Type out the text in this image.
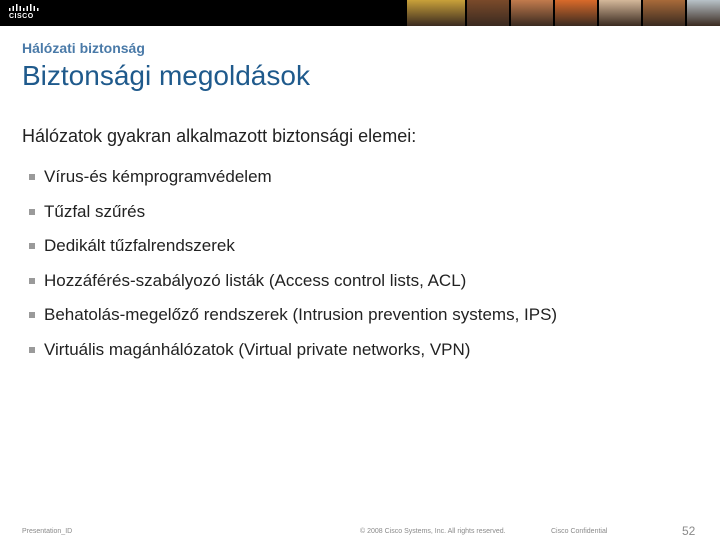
CISCO
Hálózati biztonság
Biztonsági megoldások
Hálózatok gyakran alkalmazott biztonsági elemei:
Vírus-és kémprogramvédelem
Tűzfal szűrés
Dedikált tűzfalrendszerek
Hozzáférés-szabályozó listák (Access control lists, ACL)
Behatolás-megelőző rendszerek (Intrusion prevention systems, IPS)
Virtuális magánhálózatok (Virtual private networks, VPN)
Presentation_ID	© 2008 Cisco Systems, Inc. All rights reserved.	Cisco Confidential	52
